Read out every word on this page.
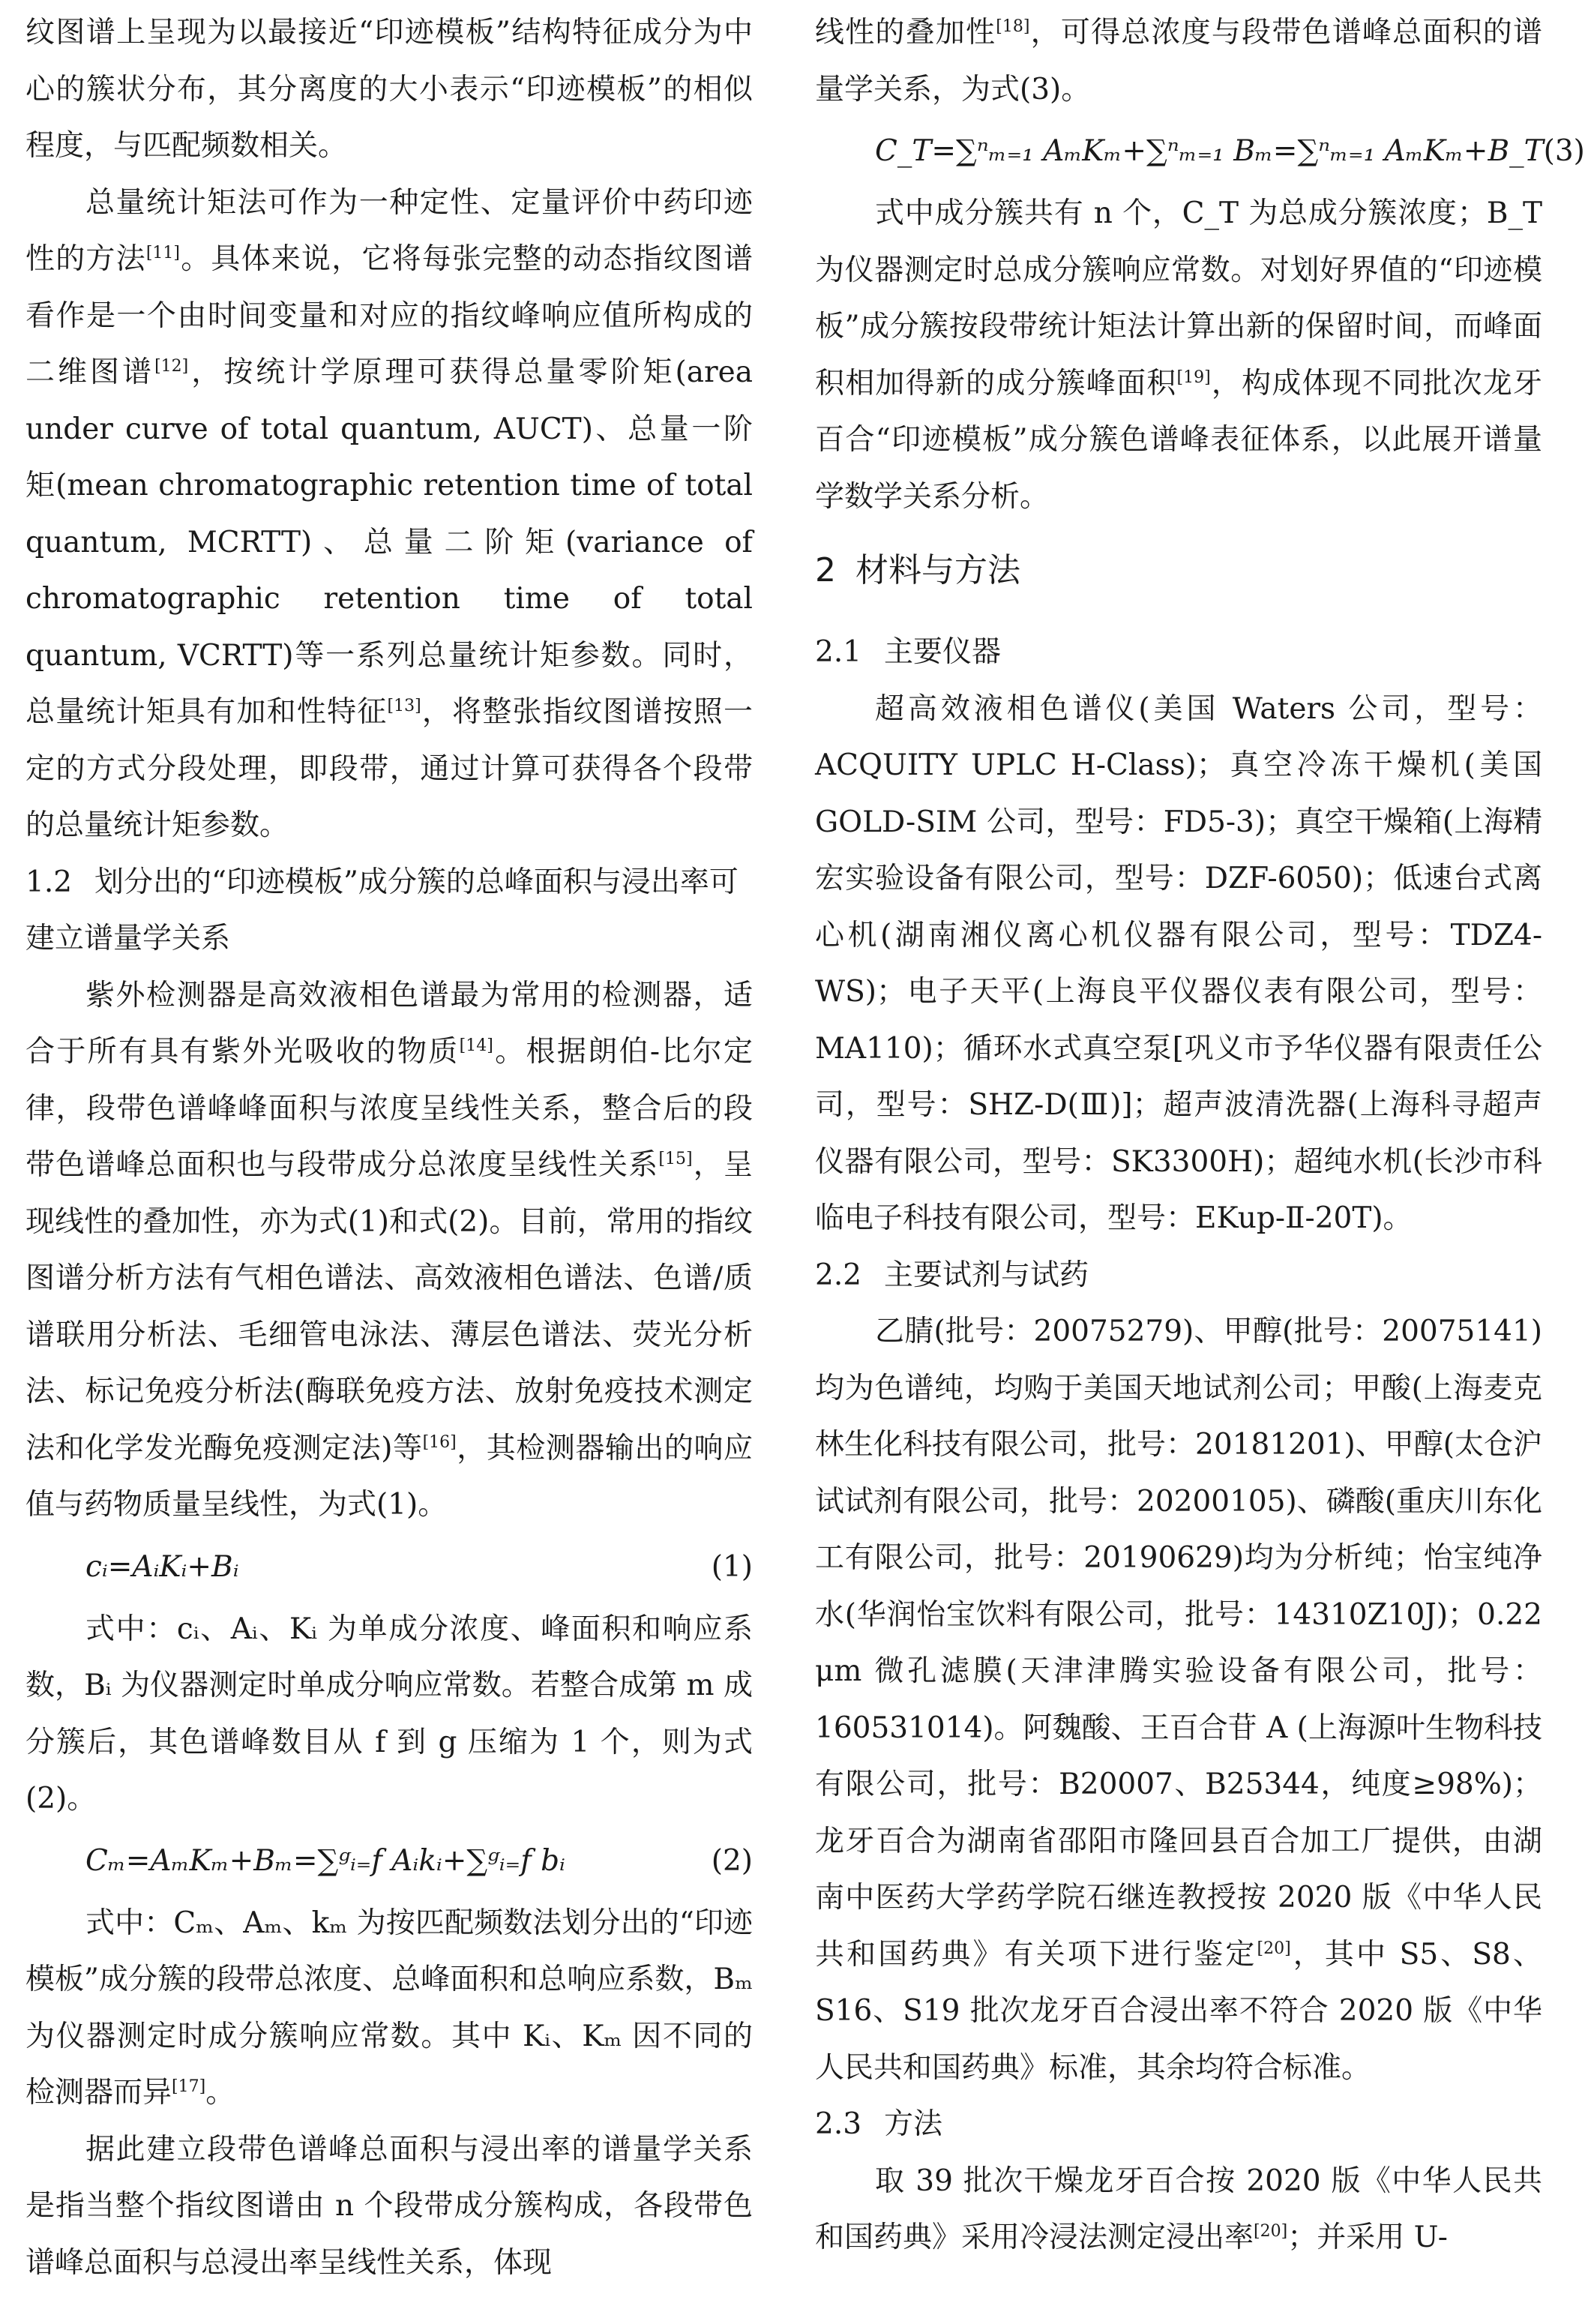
纹图谱上呈现为以最接近“印迹模板”结构特征成分为中心的簇状分布，其分离度的大小表示“印迹模板”的相似程度，与匹配频数相关。

总量统计矩法可作为一种定性、定量评价中药印迹性的方法[11]。具体来说，它将每张完整的动态指纹图谱看作是一个由时间变量和对应的指纹峰响应值所构成的二维图谱[12]，按统计学原理可获得总量零阶矩(area under curve of total quantum, AUCT)、总量一阶矩(mean chromatographic retention time of total quantum, MCRTT)、总量二阶矩(variance of chromatographic retention time of total quantum, VCRTT)等一系列总量统计矩参数。同时，总量统计矩具有加和性特征[13]，将整张指纹图谱按照一定的方式分段处理，即段带，通过计算可获得各个段带的总量统计矩参数。

1.2 划分出的“印迹模板”成分簇的总峰面积与浸出率可建立谱量学关系

紫外检测器是高效液相色谱最为常用的检测器，适合于所有具有紫外光吸收的物质[14]。根据朗伯-比尔定律，段带色谱峰峰面积与浓度呈线性关系，整合后的段带色谱峰总面积也与段带成分总浓度呈线性关系[15]，呈现线性的叠加性，亦为式(1)和式(2)。目前，常用的指纹图谱分析方法有气相色谱法、高效液相色谱法、色谱/质谱联用分析法、毛细管电泳法、薄层色谱法、荧光分析法、标记免疫分析法(酶联免疫方法、放射免疫技术测定法和化学发光酶免疫测定法)等[16]，其检测器输出的响应值与药物质量呈线性，为式(1)。

cᵢ=AᵢKᵢ+Bᵢ	(1)

式中：cᵢ、Aᵢ、Kᵢ 为单成分浓度、峰面积和响应系数，Bᵢ 为仪器测定时单成分响应常数。若整合成第 m 成分簇后，其色谱峰数目从 f 到 g 压缩为 1 个，则为式(2)。

Cₘ=AₘKₘ+Bₘ=∑ᵍᵢ₌f Aᵢkᵢ+∑ᵍᵢ₌f bᵢ	(2)

式中：Cₘ、Aₘ、kₘ 为按匹配频数法划分出的“印迹模板”成分簇的段带总浓度、总峰面积和总响应系数，Bₘ 为仪器测定时成分簇响应常数。其中 Kᵢ、Kₘ 因不同的检测器而异[17]。

据此建立段带色谱峰总面积与浸出率的谱量学关系是指当整个指纹图谱由 n 个段带成分簇构成，各段带色谱峰总面积与总浸出率呈线性关系，体现

线性的叠加性[18]，可得总浓度与段带色谱峰总面积的谱量学关系，为式(3)。

C_T=∑ⁿₘ₌₁ AₘKₘ+∑ⁿₘ₌₁ Bₘ=∑ⁿₘ₌₁ AₘKₘ+B_T (3)

式中成分簇共有 n 个，C_T 为总成分簇浓度；B_T 为仪器测定时总成分簇响应常数。对划好界值的“印迹模板”成分簇按段带统计矩法计算出新的保留时间，而峰面积相加得新的成分簇峰面积[19]，构成体现不同批次龙牙百合“印迹模板”成分簇色谱峰表征体系，以此展开谱量学数学关系分析。

2 材料与方法
2.1 主要仪器

超高效液相色谱仪(美国 Waters 公司，型号：ACQUITY UPLC H-Class)；真空冷冻干燥机(美国 GOLD-SIM 公司，型号：FD5-3)；真空干燥箱(上海精宏实验设备有限公司，型号：DZF-6050)；低速台式离心机(湖南湘仪离心机仪器有限公司，型号：TDZ4-WS)；电子天平(上海良平仪器仪表有限公司，型号：MA110)；循环水式真空泵[巩义市予华仪器有限责任公司，型号：SHZ-D(Ⅲ)]；超声波清洗器(上海科寻超声仪器有限公司，型号：SK3300H)；超纯水机(长沙市科临电子科技有限公司，型号：EKup-Ⅱ-20T)。

2.2 主要试剂与试药

乙腈(批号：20075279)、甲醇(批号：20075141)均为色谱纯，均购于美国天地试剂公司；甲酸(上海麦克林生化科技有限公司，批号：20181201)、甲醇(太仓沪试试剂有限公司，批号：20200105)、磷酸(重庆川东化工有限公司，批号：20190629)均为分析纯；怡宝纯净水(华润怡宝饮料有限公司，批号：14310Z10J)；0.22 μm 微孔滤膜(天津津腾实验设备有限公司，批号：160531014)。阿魏酸、王百合苷 A (上海源叶生物科技有限公司，批号：B20007、B25344，纯度≥98%)；龙牙百合为湖南省邵阳市隆回县百合加工厂提供，由湖南中医药大学药学院石继连教授按 2020 版《中华人民共和国药典》有关项下进行鉴定[20]，其中 S5、S8、S16、S19 批次龙牙百合浸出率不符合 2020 版《中华人民共和国药典》标准，其余均符合标准。

2.3 方法

取 39 批次干燥龙牙百合按 2020 版《中华人民共和国药典》采用冷浸法测定浸出率[20]；并采用 U-
